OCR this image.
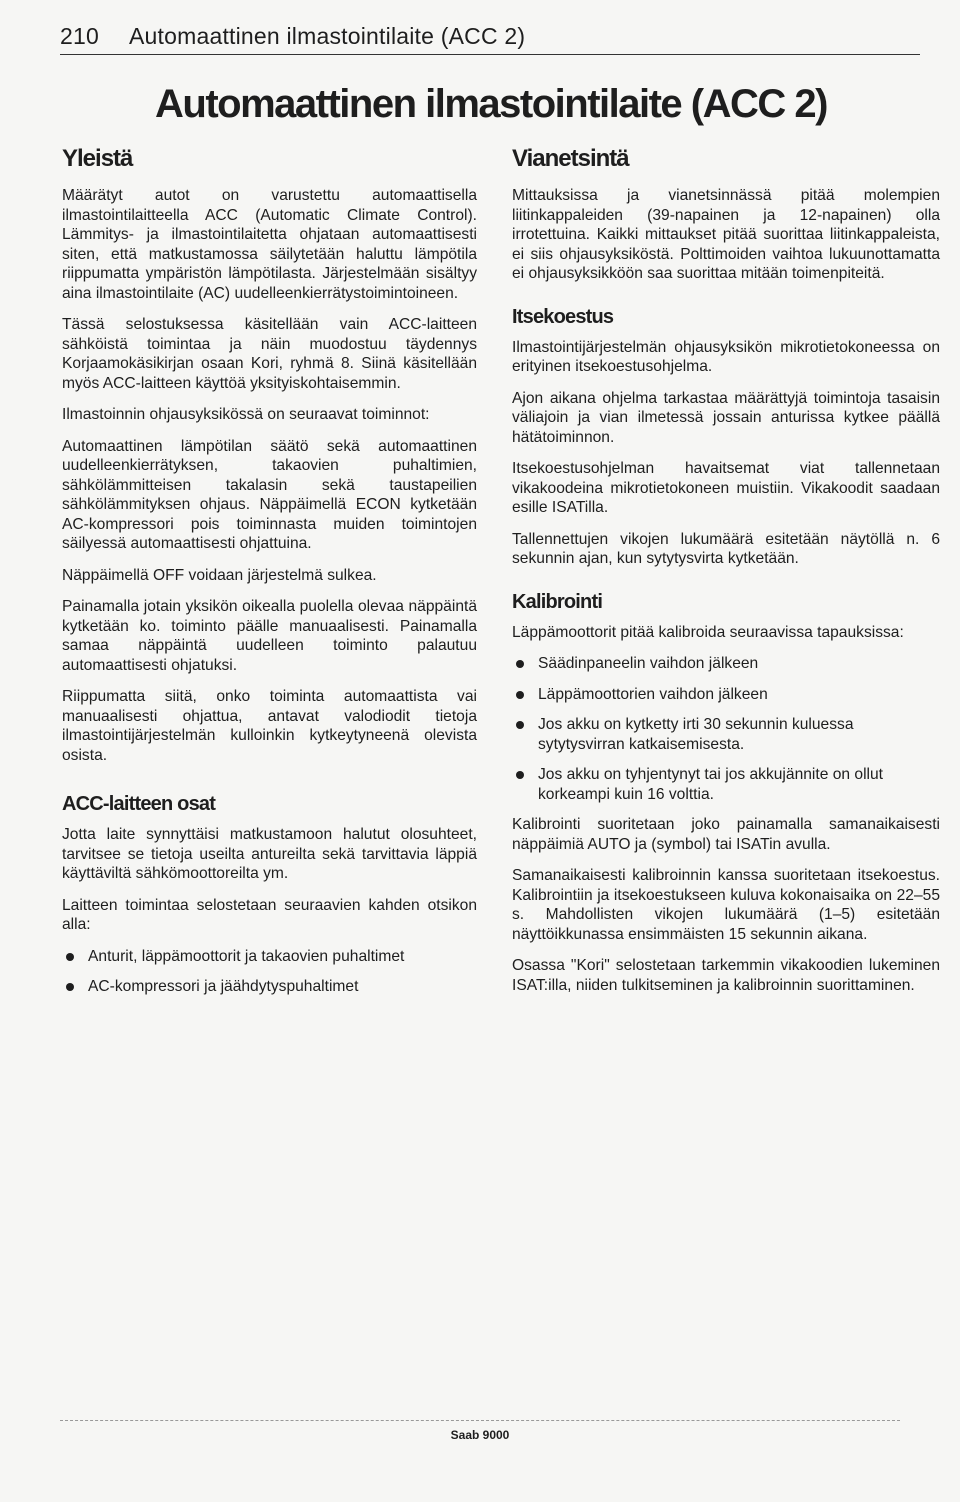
210 Automaattinen ilmastointilaite (ACC 2)
Automaattinen ilmastointilaite (ACC 2)
Yleistä

Määrätyt autot on varustettu automaattisella ilmastointilaitteella ACC (Automatic Climate Control). Lämmitys- ja ilmastointilaitetta ohjataan automaattisesti siten, että matkustamossa säilytetään haluttu lämpötila riippumatta ympäristön lämpötilasta. Järjestelmään sisältyy aina ilmastointilaite (AC) uudelleenkierrätystoimintoineen.

Tässä selostuksessa käsitellään vain ACC-laitteen sähköistä toimintaa ja näin muodostuu täydennys Korjaamokäsikirjan osaan Kori, ryhmä 8. Siinä käsitellään myös ACC-laitteen käyttöä yksityiskohtaisemmin.

Ilmastoinnin ohjausyksikössä on seuraavat toiminnot:

Automaattinen lämpötilan säätö sekä automaattinen uudelleenkierrätyksen, takaovien puhaltimien, sähkölämmitteisen takalasin sekä taustapeilien sähkölämmityksen ohjaus. Näppäimellä ECON kytketään AC-kompressori pois toiminnasta muiden toimintojen säilyessä automaattisesti ohjattuina.

Näppäimellä OFF voidaan järjestelmä sulkea.

Painamalla jotain yksikön oikealla puolella olevaa näppäintä kytketään ko. toiminto päälle manuaalisesti. Painamalla samaa näppäintä uudelleen toiminto palautuu automaattisesti ohjatuksi.

Riippumatta siitä, onko toiminta automaattista vai manuaalisesti ohjattua, antavat valodiodit tietoja ilmastointijärjestelmän kulloinkin kytkeytyneenä olevista osista.

ACC-laitteen osat

Jotta laite synnyttäisi matkustamoon halutut olosuhteet, tarvitsee se tietoja useilta antureilta sekä tarvittavia läppiä käyttäviltä sähkömoottoreilta ym.

Laitteen toimintaa selostetaan seuraavien kahden otsikon alla:

Anturit, läppämoottorit ja takaovien puhaltimet
AC-kompressori ja jäähdytyspuhaltimet
Vianetsintä

Mittauksissa ja vianetsinnässä pitää molempien liitinkappaleiden (39-napainen ja 12-napainen) olla irrotettuina. Kaikki mittaukset pitää suorittaa liitinkappaleista, ei siis ohjausyksiköstä. Polttimoiden vaihtoa lukuunottamatta ei ohjausyksikköön saa suorittaa mitään toimenpiteitä.

Itsekoestus

Ilmastointijärjestelmän ohjausyksikön mikrotietokoneessa on erityinen itsekoestusohjelma.

Ajon aikana ohjelma tarkastaa määrättyjä toimintoja tasaisin väliajoin ja vian ilmetessä jossain anturissa kytkee päällä hätätoiminnon.

Itsekoestusohjelman havaitsemat viat tallennetaan vikakoodeina mikrotietokoneen muistiin. Vikakoodit saadaan esille ISATilla.

Tallennettujen vikojen lukumäärä esitetään näytöllä n. 6 sekunnin ajan, kun sytytysvirta kytketään.

Kalibrointi

Läppämoottorit pitää kalibroida seuraavissa tapauksissa:

Säädinpaneelin vaihdon jälkeen
Läppämoottorien vaihdon jälkeen
Jos akku on kytketty irti 30 sekunnin kuluessa sytytysvirran katkaisemisesta.
Jos akku on tyhjentynyt tai jos akkujännite on ollut korkeampi kuin 16 volttia.

Kalibrointi suoritetaan joko painamalla samanaikaisesti näppäimiä AUTO ja (symbol) tai ISATin avulla.

Samanaikaisesti kalibroinnin kanssa suoritetaan itsekoestus. Kalibrointiin ja itsekoestukseen kuluva kokonaisaika on 22–55 s. Mahdollisten vikojen lukumäärä (1–5) esitetään näyttöikkunassa ensimmäisten 15 sekunnin aikana.

Osassa "Kori" selostetaan tarkemmin vikakoodien lukeminen ISAT:illa, niiden tulkitseminen ja kalibroinnin suorittaminen.

Saab 9000
